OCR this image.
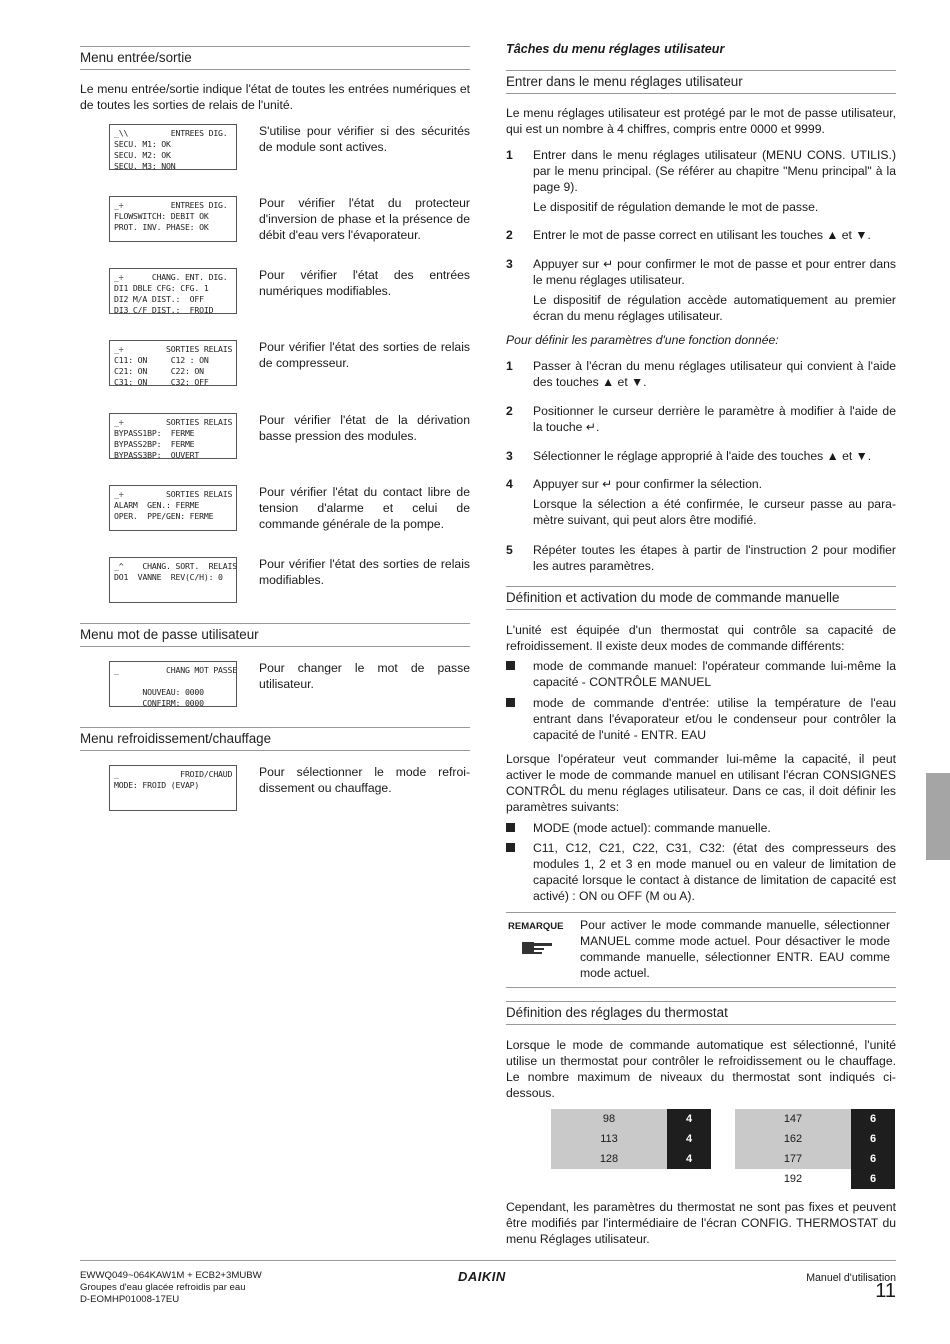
Menu entrée/sortie
Le menu entrée/sortie indique l'état de toutes les entrées numériques et de toutes les sorties de relais de l'unité.
_\\         ENTREES DIG.
SECU. M1: OK
SECU. M2: OK
SECU. M3: NON
S'utilise pour vérifier si des sécurités de module sont actives.
_÷          ENTREES DIG.
FLOWSWITCH: DEBIT OK
PROT. INV. PHASE: OK
Pour vérifier l'état du protecteur d'inversion de phase et la présence de débit d'eau vers l'évaporateur.
_÷      CHANG. ENT. DIG.
DI1 DBLE CFG: CFG. 1
DI2 M/A DIST.:  OFF
DI3 C/F DIST.:  FROID
Pour vérifier l'état des entrées numériques modifiables.
_÷         SORTIES RELAIS
C11: ON     C12 : ON
C21: ON     C22: ON
C31: ON     C32: OFF
Pour vérifier l'état des sorties de relais de compresseur.
_÷         SORTIES RELAIS
BYPASS1BP:  FERME
BYPASS2BP:  FERME
BYPASS3BP:  OUVERT
Pour vérifier l'état de la dérivation basse pression des modules.
_÷         SORTIES RELAIS
ALARM  GEN.: FERME
OPER.  PPE/GEN: FERME
Pour vérifier l'état du contact libre de tension d'alarme et celui de commande générale de la pompe.
_^    CHANG. SORT.  RELAIS
DO1  VANNE  REV(C/H): 0
Pour vérifier l'état des sorties de relais modifiables.
Menu mot de passe utilisateur
_          CHANG MOT PASSE

NOUVEAU: 0000
CONFIRM: 0000
Pour changer le mot de passe utilisateur.
Menu refroidissement/chauffage
_             FROID/CHAUD
MODE: FROID (EVAP)
Pour sélectionner le mode refroidissement ou chauffage.
Tâches du menu réglages utilisateur
Entrer dans le menu réglages utilisateur
Le menu réglages utilisateur est protégé par le mot de passe utilisateur, qui est un nombre à 4 chiffres, compris entre 0000 et 9999.
1 Entrer dans le menu réglages utilisateur (MENU CONS. UTILIS.) par le menu principal. (Se référer au chapitre "Menu principal" à la page 9).
Le dispositif de régulation demande le mot de passe.
2 Entrer le mot de passe correct en utilisant les touches ▲ et ▼.
3 Appuyer sur ↵ pour confirmer le mot de passe et pour entrer dans le menu réglages utilisateur.
Le dispositif de régulation accède automatiquement au premier écran du menu réglages utilisateur.
Pour définir les paramètres d'une fonction donnée:
1 Passer à l'écran du menu réglages utilisateur qui convient à l'aide des touches ▲ et ▼.
2 Positionner le curseur derrière le paramètre à modifier à l'aide de la touche ↵.
3 Sélectionner le réglage approprié à l'aide des touches ▲ et ▼.
4 Appuyer sur ↵ pour confirmer la sélection.
Lorsque la sélection a été confirmée, le curseur passe au paramètre suivant, qui peut alors être modifié.
5 Répéter toutes les étapes à partir de l'instruction 2 pour modifier les autres paramètres.
Définition et activation du mode de commande manuelle
L'unité est équipée d'un thermostat qui contrôle sa capacité de refroidissement. Il existe deux modes de commande différents:
mode de commande manuel: l'opérateur commande lui-même la capacité - CONTRÔLE MANUEL
mode de commande d'entrée: utilise la température de l'eau entrant dans l'évaporateur et/ou le condenseur pour contrôler la capacité de l'unité - ENTR. EAU
Lorsque l'opérateur veut commander lui-même la capacité, il peut activer le mode de commande manuel en utilisant l'écran CONSIGNES CONTRÔL du menu réglages utilisateur. Dans ce cas, il doit définir les paramètres suivants:
MODE (mode actuel): commande manuelle.
C11, C12, C21, C22, C31, C32: (état des compresseurs des modules 1, 2 et 3 en mode manuel ou en valeur de limitation de capacité lorsque le contact à distance de limitation de capacité est activé) : ON ou OFF (M ou A).
REMARQUE Pour activer le mode commande manuelle, sélectionner MANUEL comme mode actuel. Pour désactiver le mode commande manuelle, sélectionner ENTR. EAU comme mode actuel.
Définition des réglages du thermostat
Lorsque le mode de commande automatique est sélectionné, l'unité utilise un thermostat pour contrôler le refroidissement ou le chauffage. Le nombre maximum de niveaux du thermostat sont indiqués ci-dessous.
98	4
113	4
128	4
147	6
162	6
177	6
192	6
Cependant, les paramètres du thermostat ne sont pas fixes et peuvent être modifiés par l'intermédiaire de l'écran CONFIG. THERMOSTAT du menu Réglages utilisateur.
EWWQ049~064KAW1M + ECB2+3MUBW
Groupes d'eau glacée refroidis par eau
D-EOMHP01008-17EU
DAIKIN	Manuel d'utilisation
11
